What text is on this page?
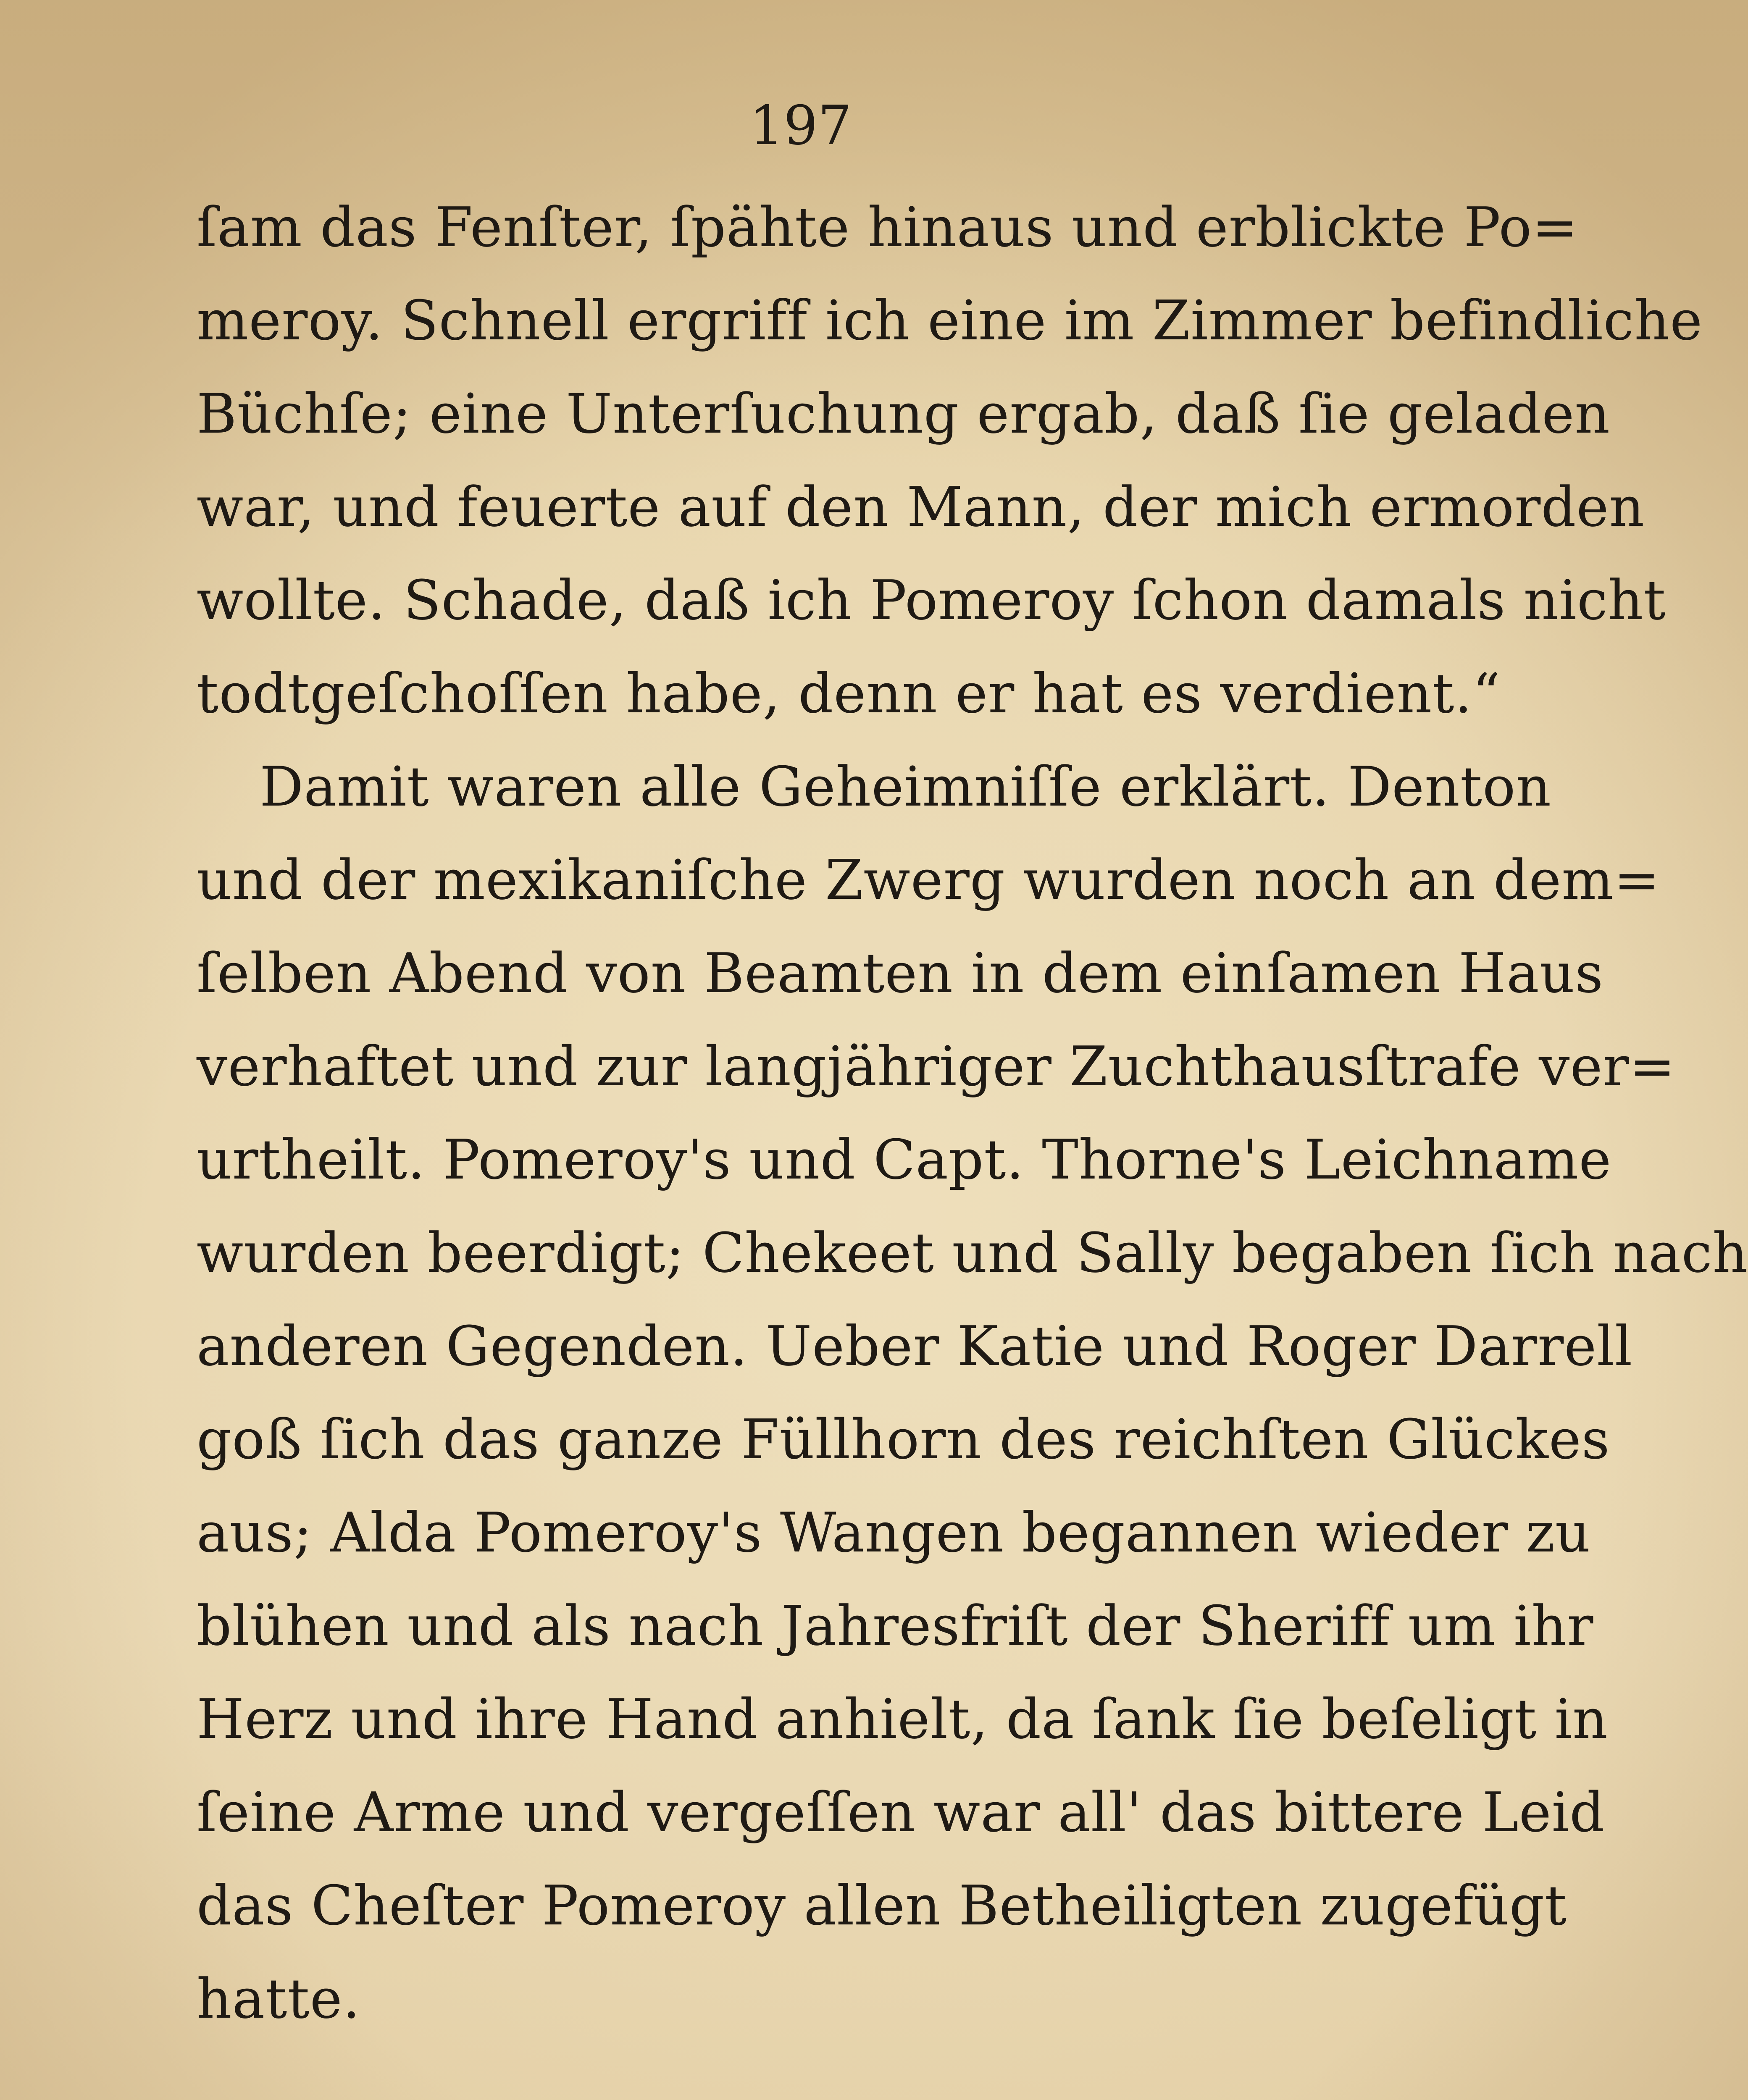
197
ſam das Fenſter, ſpähte hinaus und erblickte Po=
meroy. Schnell ergriff ich eine im Zimmer befindliche
Büchſe; eine Unterſuchung ergab, daß ſie geladen
war, und feuerte auf den Mann, der mich ermorden
wollte. Schade, daß ich Pomeroy ſchon damals nicht
todtgeſchoſſen habe, denn er hat es verdient.“
Damit waren alle Geheimniſſe erklärt. Denton
und der mexikaniſche Zwerg wurden noch an dem=
ſelben Abend von Beamten in dem einſamen Haus
verhaftet und zur langjähriger Zuchthausſtrafe ver=
urtheilt. Pomeroy's und Capt. Thorne's Leichname
wurden beerdigt; Chekeet und Sally begaben ſich nach
anderen Gegenden. Ueber Katie und Roger Darrell
goß ſich das ganze Füllhorn des reichſten Glückes
aus; Alda Pomeroy's Wangen begannen wieder zu
blühen und als nach Jahresfriſt der Sheriff um ihr
Herz und ihre Hand anhielt, da ſank ſie beſeligt in
ſeine Arme und vergeſſen war all' das bittere Leid
das Cheſter Pomeroy allen Betheiligten zugefügt
hatte.
